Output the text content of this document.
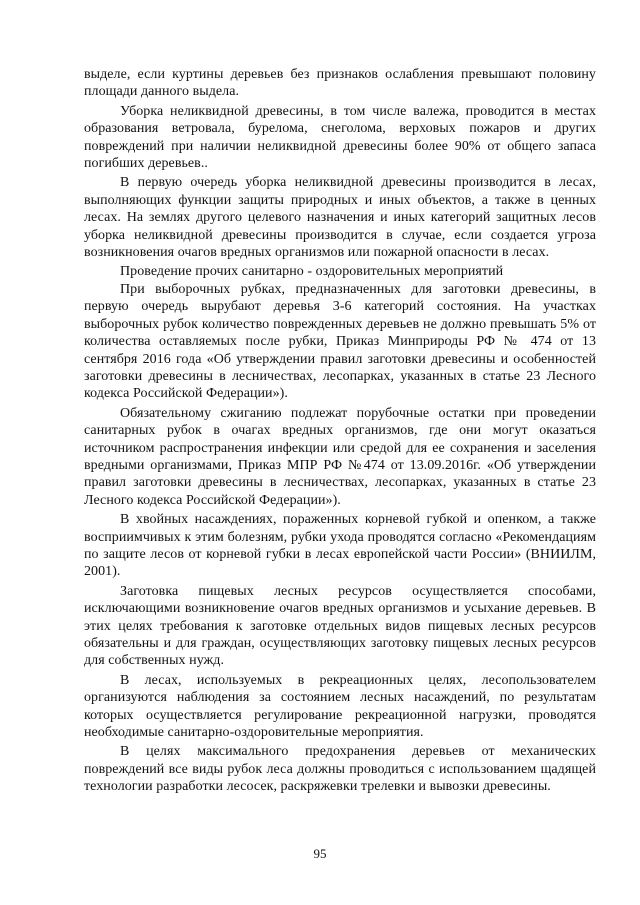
выделе, если куртины деревьев без признаков ослабления превышают половину площади данного выдела.

Уборка неликвидной древесины, в том числе валежа, проводится в местах образования ветровала, бурелома, снеголома, верховых пожаров и других повреждений при наличии неликвидной древесины более 90% от общего запаса погибших деревьев..

В первую очередь уборка неликвидной древесины производится в лесах, выполняющих функции защиты природных и иных объектов, а также в ценных лесах. На землях другого целевого назначения и иных категорий защитных лесов уборка неликвидной древесины производится в случае, если создается угроза возникновения очагов вредных организмов или пожарной опасности в лесах.

Проведение прочих санитарно - оздоровительных мероприятий

При выборочных рубках, предназначенных для заготовки древесины, в первую очередь вырубают деревья 3-6 категорий состояния. На участках выборочных рубок количество поврежденных деревьев не должно превышать 5% от количества оставляемых после рубки, Приказ Минприроды РФ № 474 от 13 сентября 2016 года «Об утверждении правил заготовки древесины и особенностей заготовки древесины в лесничествах, лесопарках, указанных в статье 23 Лесного кодекса Российской Федерации»).

Обязательному сжиганию подлежат порубочные остатки при проведении санитарных рубок в очагах вредных организмов, где они могут оказаться источником распространения инфекции или средой для ее сохранения и заселения вредными организмами, Приказ МПР РФ №474 от 13.09.2016г. «Об утверждении правил заготовки древесины в лесничествах, лесопарках, указанных в статье 23 Лесного кодекса Российской Федерации»).

В хвойных насаждениях, пораженных корневой губкой и опенком, а также восприимчивых к этим болезням, рубки ухода проводятся согласно «Рекомендациям по защите лесов от корневой губки в лесах европейской части России» (ВНИИЛМ, 2001).

Заготовка пищевых лесных ресурсов осуществляется способами, исключающими возникновение очагов вредных организмов и усыхание деревьев. В этих целях требования к заготовке отдельных видов пищевых лесных ресурсов обязательны и для граждан, осуществляющих заготовку пищевых лесных ресурсов для собственных нужд.

В лесах, используемых в рекреационных целях, лесопользователем организуются наблюдения за состоянием лесных насаждений, по результатам которых осуществляется регулирование рекреационной нагрузки, проводятся необходимые санитарно-оздоровительные мероприятия.

В целях максимального предохранения деревьев от механических повреждений все виды рубок леса должны проводиться с использованием щадящей технологии разработки лесосек, раскряжевки трелевки и вывозки древесины.

95
